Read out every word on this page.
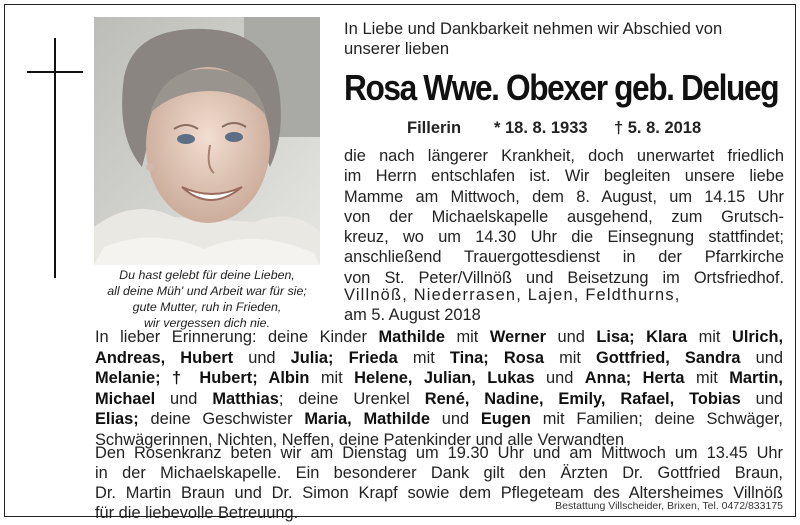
Du hast gelebt für deine Lieben,
all deine Müh' und Arbeit war für sie;
gute Mutter, ruh in Frieden,
wir vergessen dich nie.
In Liebe und Dankbarkeit nehmen wir Abschied von
unserer lieben
Rosa Wwe. Obexer geb. Delueg
Fillerin * 18. 8. 1933 † 5. 8. 2018
die nach längerer Krankheit, doch unerwartet friedlich
im Herrn entschlafen ist. Wir begleiten unsere liebe
Mamme am Mittwoch, dem 8. August, um 14.15 Uhr
von der Michaelskapelle ausgehend, zum Grutsch-
kreuz, wo um 14.30 Uhr die Einsegnung stattfindet;
anschließend Trauergottesdienst in der Pfarrkirche
von St. Peter/Villnöß und Beisetzung im Ortsfriedhof.
Villnöß, Niederrasen, Lajen, Feldthurns,
am 5. August 2018
In lieber Erinnerung: deine Kinder Mathilde mit Werner und Lisa; Klara mit Ulrich,
Andreas, Hubert und Julia; Frieda mit Tina; Rosa mit Gottfried, Sandra und
Melanie; † Hubert; Albin mit Helene, Julian, Lukas und Anna; Herta mit Martin,
Michael und Matthias; deine Urenkel René, Nadine, Emily, Rafael, Tobias und
Elias; deine Geschwister Maria, Mathilde und Eugen mit Familien; deine Schwäger,
Schwägerinnen, Nichten, Neffen, deine Patenkinder und alle Verwandten
Den Rosenkranz beten wir am Dienstag um 19.30 Uhr und am Mittwoch um 13.45 Uhr
in der Michaelskapelle. Ein besonderer Dank gilt den Ärzten Dr. Gottfried Braun,
Dr. Martin Braun und Dr. Simon Krapf sowie dem Pflegeteam des Altersheimes Villnöß
für die liebevolle Betreuung.	Bestattung Villscheider, Brixen, Tel. 0472/833175
